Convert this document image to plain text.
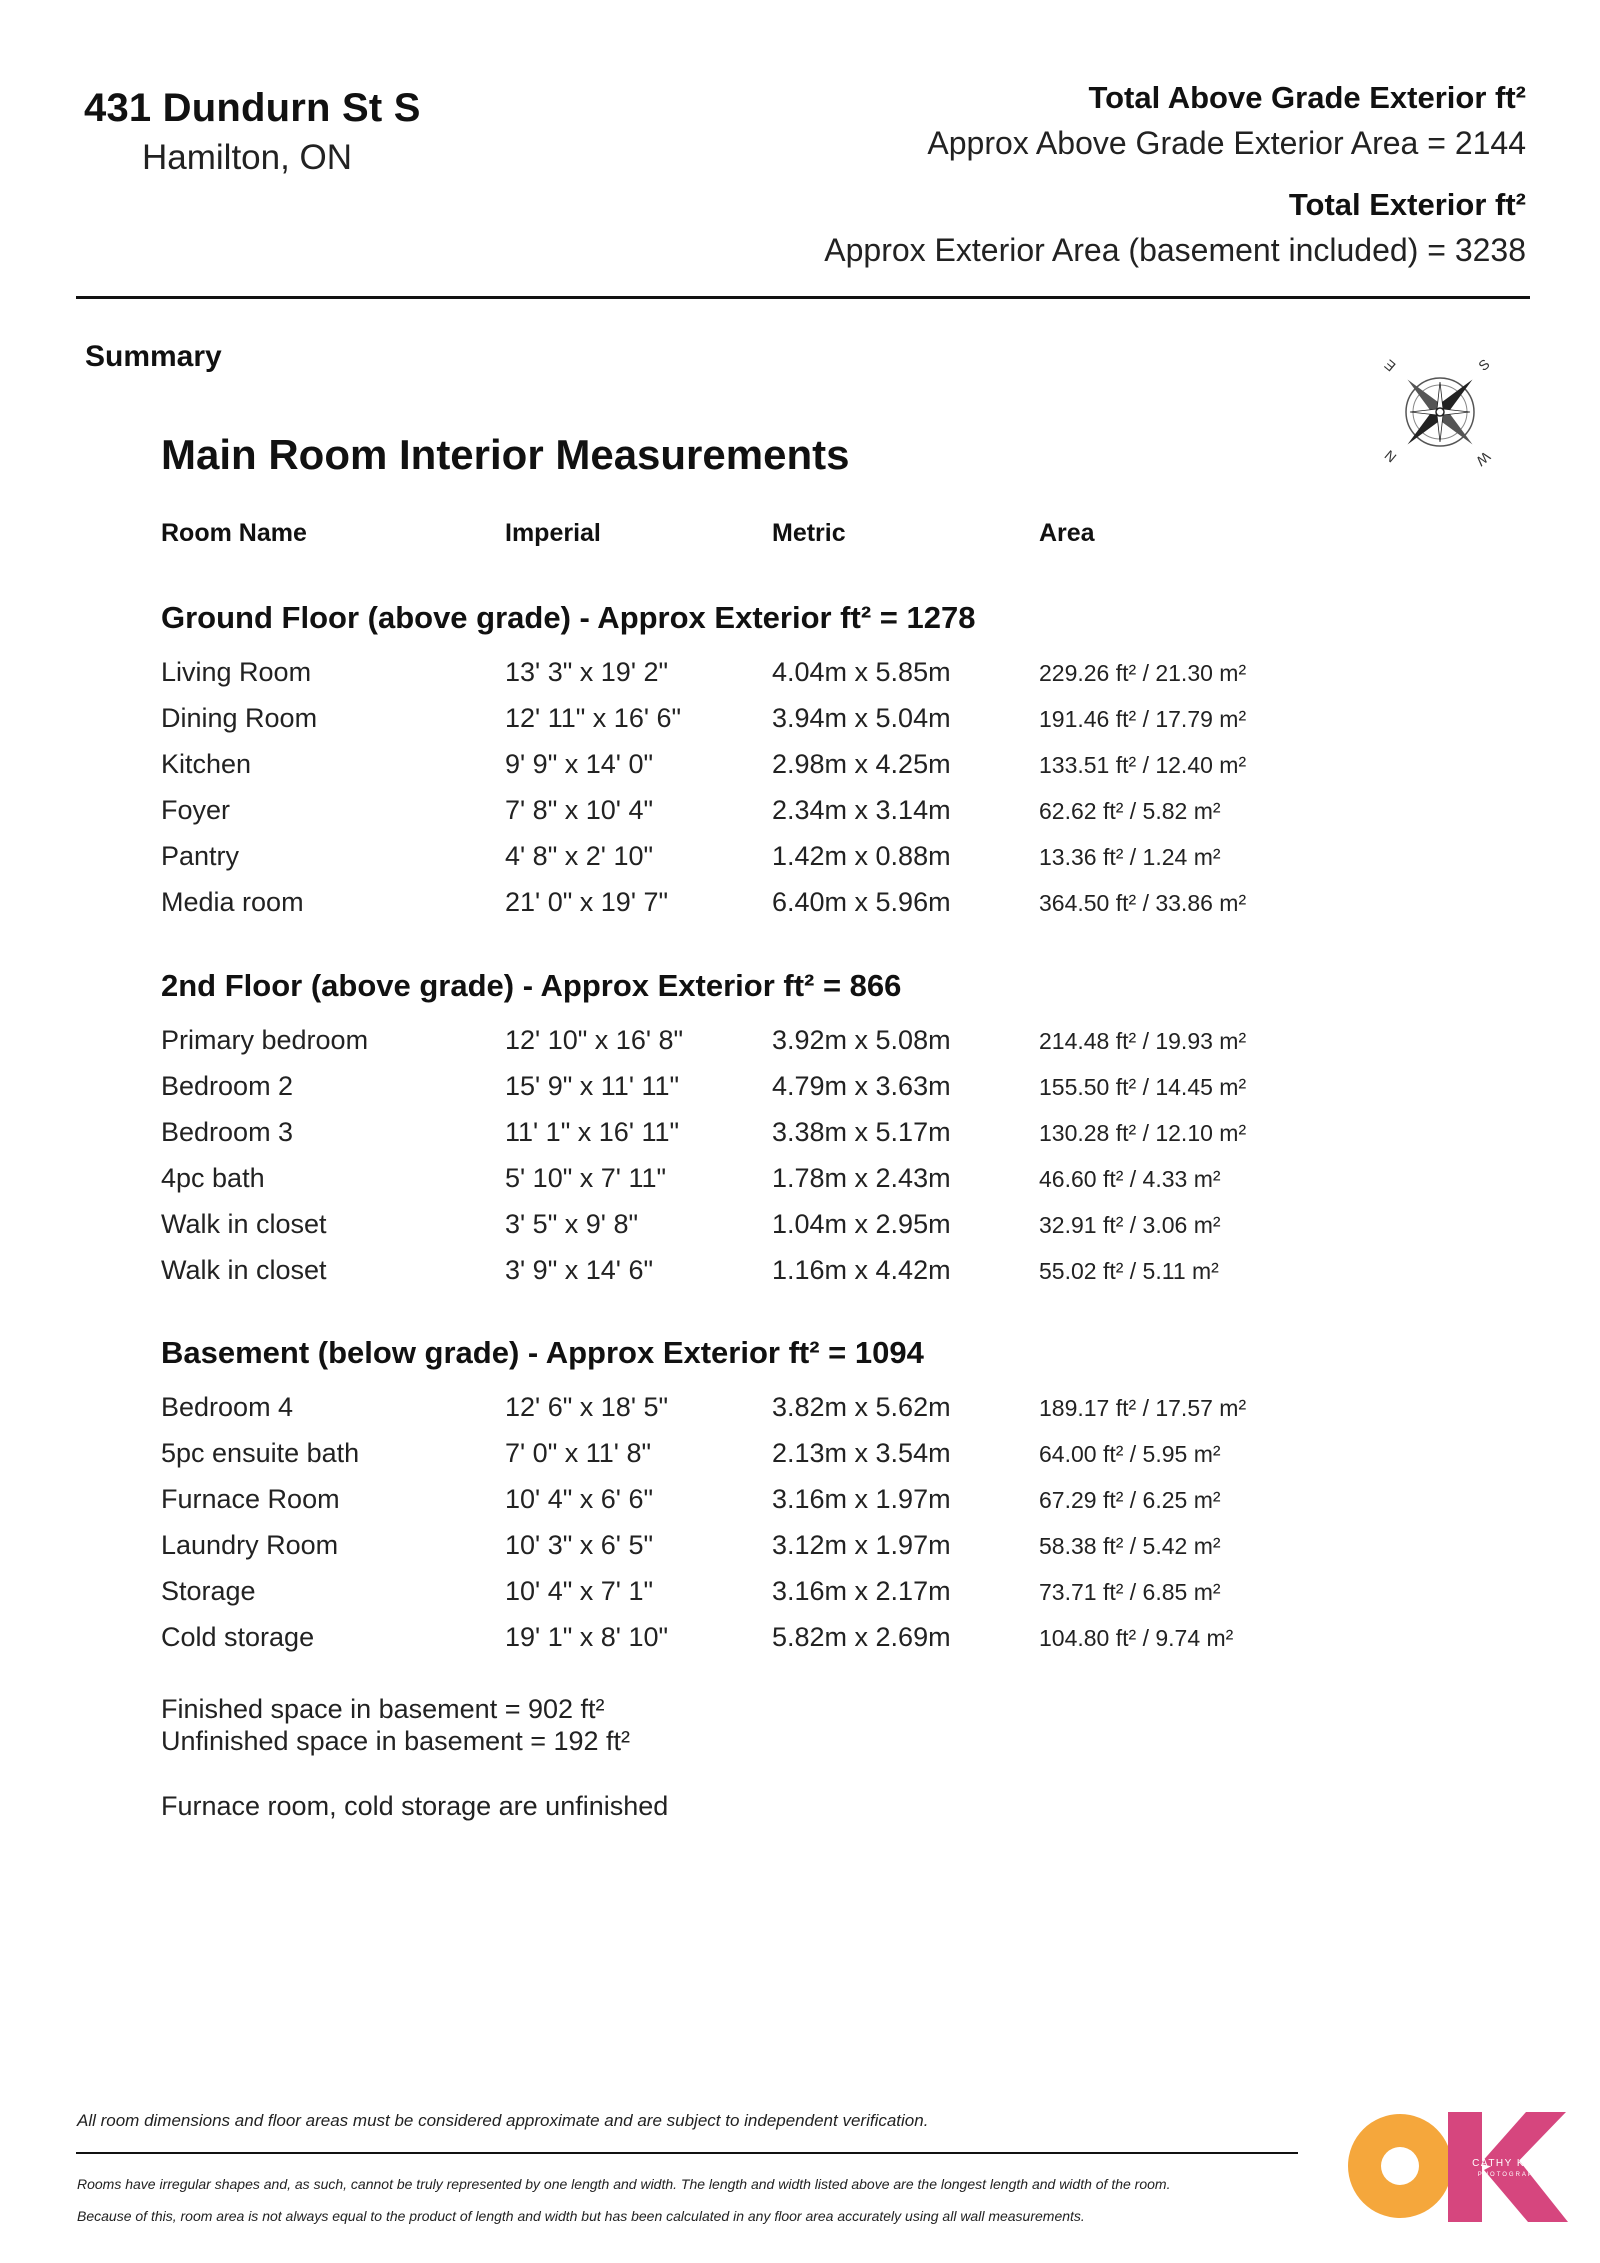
431 Dundurn St S
Hamilton, ON
Total Above Grade Exterior ft²
Approx Above Grade Exterior Area = 2144
Total Exterior ft²
Approx Exterior Area (basement included) = 3238
Summary	E	S
N	W
Main Room Interior Measurements
Room Name	Imperial	Metric	Area
Ground Floor (above grade) - Approx Exterior ft² = 1278
Living Room	13' 3" x 19' 2"	4.04m x 5.85m	229.26 ft² / 21.30 m²
Dining Room	12' 11" x 16' 6"	3.94m x 5.04m	191.46 ft² / 17.79 m²
Kitchen	9' 9" x 14' 0"	2.98m x 4.25m	133.51 ft² / 12.40 m²
Foyer	7' 8" x 10' 4"	2.34m x 3.14m	62.62 ft² / 5.82 m²
Pantry	4' 8" x 2' 10"	1.42m x 0.88m	13.36 ft² / 1.24 m²
Media room	21' 0" x 19' 7"	6.40m x 5.96m	364.50 ft² / 33.86 m²
2nd Floor (above grade) - Approx Exterior ft² = 866
Primary bedroom	12' 10" x 16' 8"	3.92m x 5.08m	214.48 ft² / 19.93 m²
Bedroom 2	15' 9" x 11' 11"	4.79m x 3.63m	155.50 ft² / 14.45 m²
Bedroom 3	11' 1" x 16' 11"	3.38m x 5.17m	130.28 ft² / 12.10 m²
4pc bath	5' 10" x 7' 11"	1.78m x 2.43m	46.60 ft² / 4.33 m²
Walk in closet	3' 5" x 9' 8"	1.04m x 2.95m	32.91 ft² / 3.06 m²
Walk in closet	3' 9" x 14' 6"	1.16m x 4.42m	55.02 ft² / 5.11 m²
Basement (below grade) - Approx Exterior ft² = 1094
Bedroom 4	12' 6" x 18' 5"	3.82m x 5.62m	189.17 ft² / 17.57 m²
5pc ensuite bath	7' 0" x 11' 8"	2.13m x 3.54m	64.00 ft² / 5.95 m²
Furnace Room	10' 4" x 6' 6"	3.16m x 1.97m	67.29 ft² / 6.25 m²
Laundry Room	10' 3" x 6' 5"	3.12m x 1.97m	58.38 ft² / 5.42 m²
Storage	10' 4" x 7' 1"	3.16m x 2.17m	73.71 ft² / 6.85 m²
Cold storage	19' 1" x 8' 10"	5.82m x 2.69m	104.80 ft² / 9.74 m²
Finished space in basement = 902 ft²
Unfinished space in basement = 192 ft²
Furnace room, cold storage are unfinished
All room dimensions and floor areas must be considered approximate and are subject to independent verification.
Rooms have irregular shapes and, as such, cannot be truly represented by one length and width. The length and width listed above are the longest length and width of the room.
Because of this, room area is not always equal to the product of length and width but has been calculated in any floor area accurately using all wall measurements.
OK
CATHY KOOP
PHOTOGRAPHY
